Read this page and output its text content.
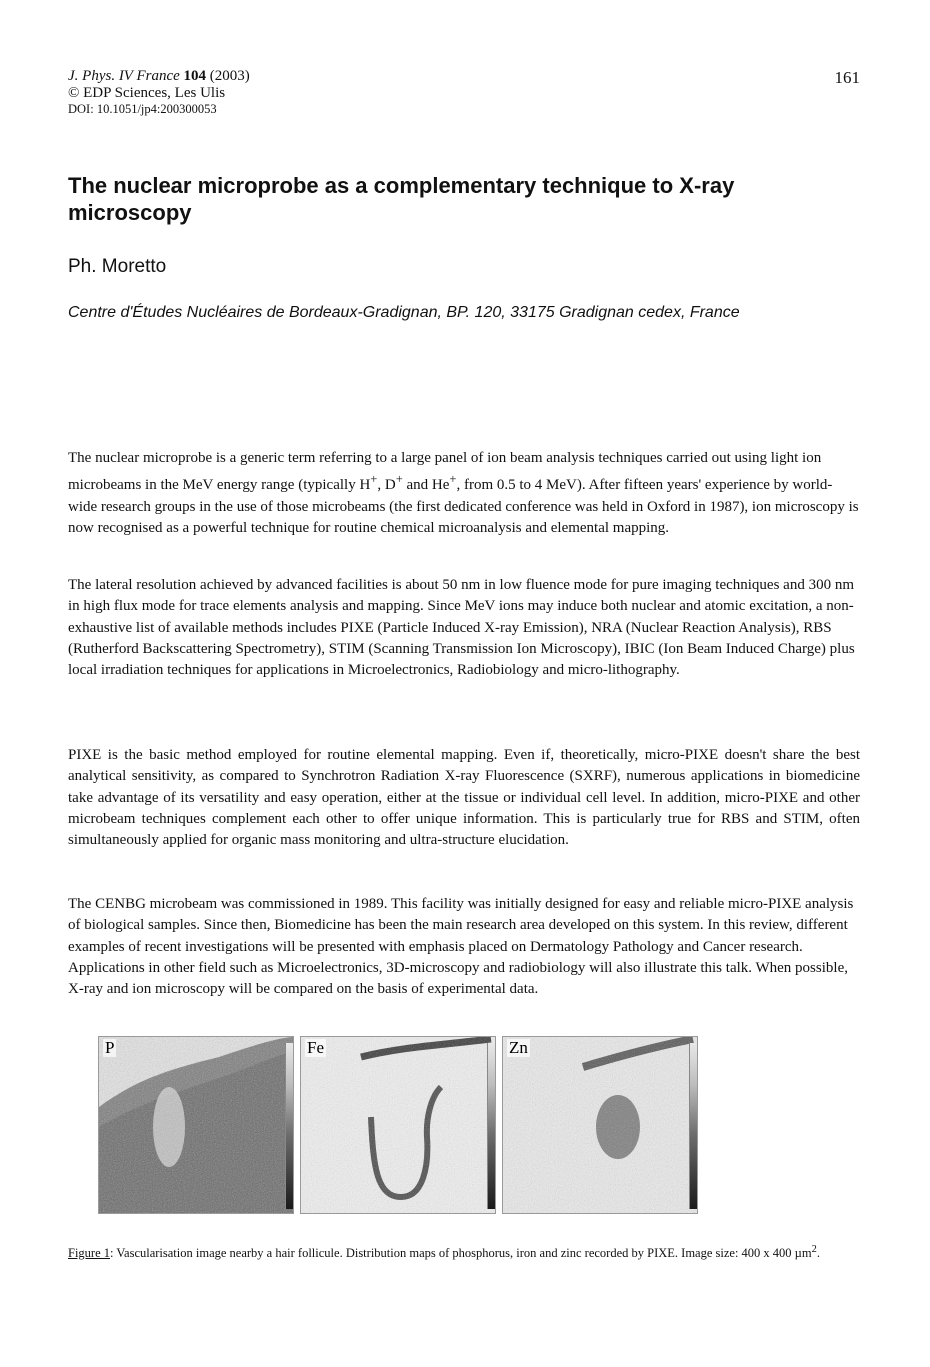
J. Phys. IV France 104 (2003)

© EDP Sciences, Les Ulis

DOI: 10.1051/jp4:200300053

161
The nuclear microprobe as a complementary technique to X-ray microscopy

Ph. Moretto

Centre d'Études Nucléaires de Bordeaux-Gradignan, BP. 120, 33175 Gradignan cedex, France

The nuclear microprobe is a generic term referring to a large panel of ion beam analysis techniques carried out using light ion microbeams in the MeV energy range (typically H+, D+ and He+, from 0.5 to 4 MeV). After fifteen years' experience by world-wide research groups in the use of those microbeams (the first dedicated conference was held in Oxford in 1987), ion microscopy is now recognised as a powerful technique for routine chemical microanalysis and elemental mapping.

The lateral resolution achieved by advanced facilities is about 50 nm in low fluence mode for pure imaging techniques and 300 nm in high flux mode for trace elements analysis and mapping. Since MeV ions may induce both nuclear and atomic excitation, a non-exhaustive list of available methods includes PIXE (Particle Induced X-ray Emission), NRA (Nuclear Reaction Analysis), RBS (Rutherford Backscattering Spectrometry), STIM (Scanning Transmission Ion Microscopy), IBIC (Ion Beam Induced Charge) plus local irradiation techniques for applications in Microelectronics, Radiobiology and micro-lithography.

PIXE is the basic method employed for routine elemental mapping. Even if, theoretically, micro-PIXE doesn't share the best analytical sensitivity, as compared to Synchrotron Radiation X-ray Fluorescence (SXRF), numerous applications in biomedicine take advantage of its versatility and easy operation, either at the tissue or individual cell level. In addition, micro-PIXE and other microbeam techniques complement each other to offer unique information. This is particularly true for RBS and STIM, often simultaneously applied for organic mass monitoring and ultra-structure elucidation.

The CENBG microbeam was commissioned in 1989. This facility was initially designed for easy and reliable micro-PIXE analysis of biological samples. Since then, Biomedicine has been the main research area developed on this system. In this review, different examples of recent investigations will be presented with emphasis placed on Dermatology Pathology and Cancer research. Applications in other field such as Microelectronics, 3D-microscopy and radiobiology will also illustrate this talk. When possible, X-ray and ion microscopy will be compared on the basis of experimental data.

P	Fe	Zn

Figure 1: Vascularisation image nearby a hair follicule. Distribution maps of phosphorus, iron and zinc recorded by PIXE. Image size: 400 x 400 µm$^2$.
